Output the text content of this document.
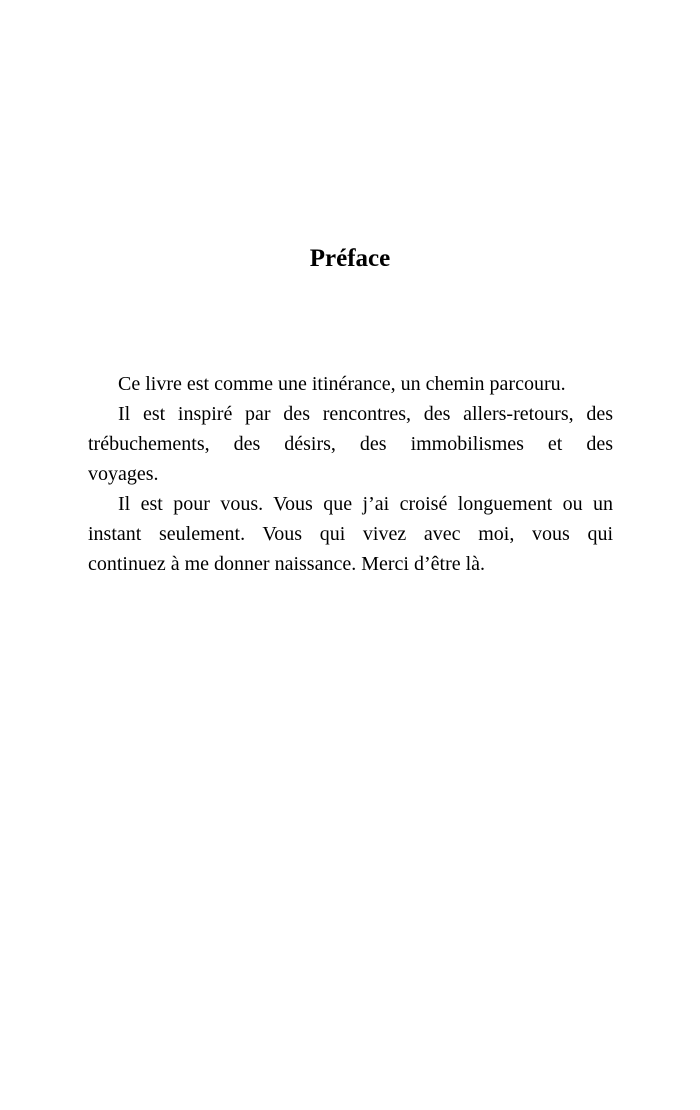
Préface
Ce livre est comme une itinérance, un chemin parcouru.
Il est inspiré par des rencontres, des allers-retours, des
trébuchements, des désirs, des immobilismes et des
voyages.
Il est pour vous. Vous que j’ai croisé longuement ou un
instant seulement. Vous qui vivez avec moi, vous qui
continuez à me donner naissance. Merci d’être là.
